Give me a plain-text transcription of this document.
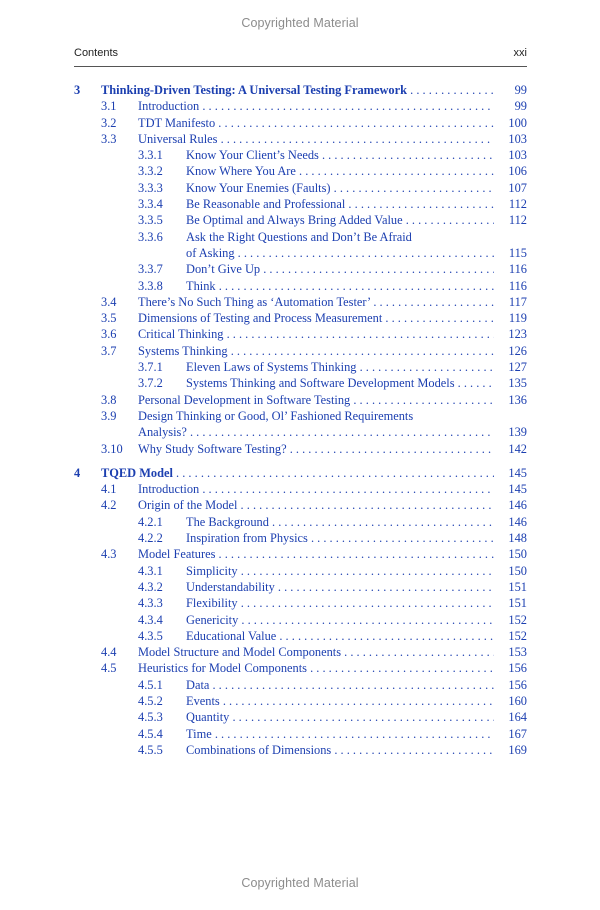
Copyrighted Material
Contents	xxi
3 Thinking-Driven Testing: A Universal Testing Framework . . .	99
3.1 Introduction . . .	99
3.2 TDT Manifesto . . .	100
3.3 Universal Rules . . .	103
3.3.1 Know Your Client’s Needs . . .	103
3.3.2 Know Where You Are . . .	106
3.3.3 Know Your Enemies (Faults) . . .	107
3.3.4 Be Reasonable and Professional . . .	112
3.3.5 Be Optimal and Always Bring Added Value . . .	112
3.3.6 Ask the Right Questions and Don’t Be Afraid
of Asking . . .	115
3.3.7 Don’t Give Up . . .	116
3.3.8 Think . . .	116
3.4 There’s No Such Thing as ‘Automation Tester’ . . .	117
3.5 Dimensions of Testing and Process Measurement . . .	119
3.6 Critical Thinking . . .	123
3.7 Systems Thinking . . .	126
3.7.1 Eleven Laws of Systems Thinking . . .	127
3.7.2 Systems Thinking and Software Development Models . . .	135
3.8 Personal Development in Software Testing . . .	136
3.9 Design Thinking or Good, Ol’ Fashioned Requirements
Analysis? . . .	139
3.10 Why Study Software Testing? . . .	142
4 TQED Model . . .	145
4.1 Introduction . . .	145
4.2 Origin of the Model . . .	146
4.2.1 The Background . . .	146
4.2.2 Inspiration from Physics . . .	148
4.3 Model Features . . .	150
4.3.1 Simplicity . . .	150
4.3.2 Understandability . . .	151
4.3.3 Flexibility . . .	151
4.3.4 Genericity . . .	152
4.3.5 Educational Value . . .	152
4.4 Model Structure and Model Components . . .	153
4.5 Heuristics for Model Components . . .	156
4.5.1 Data . . .	156
4.5.2 Events . . .	160
4.5.3 Quantity . . .	164
4.5.4 Time . . .	167
4.5.5 Combinations of Dimensions . . .	169
Copyrighted Material
